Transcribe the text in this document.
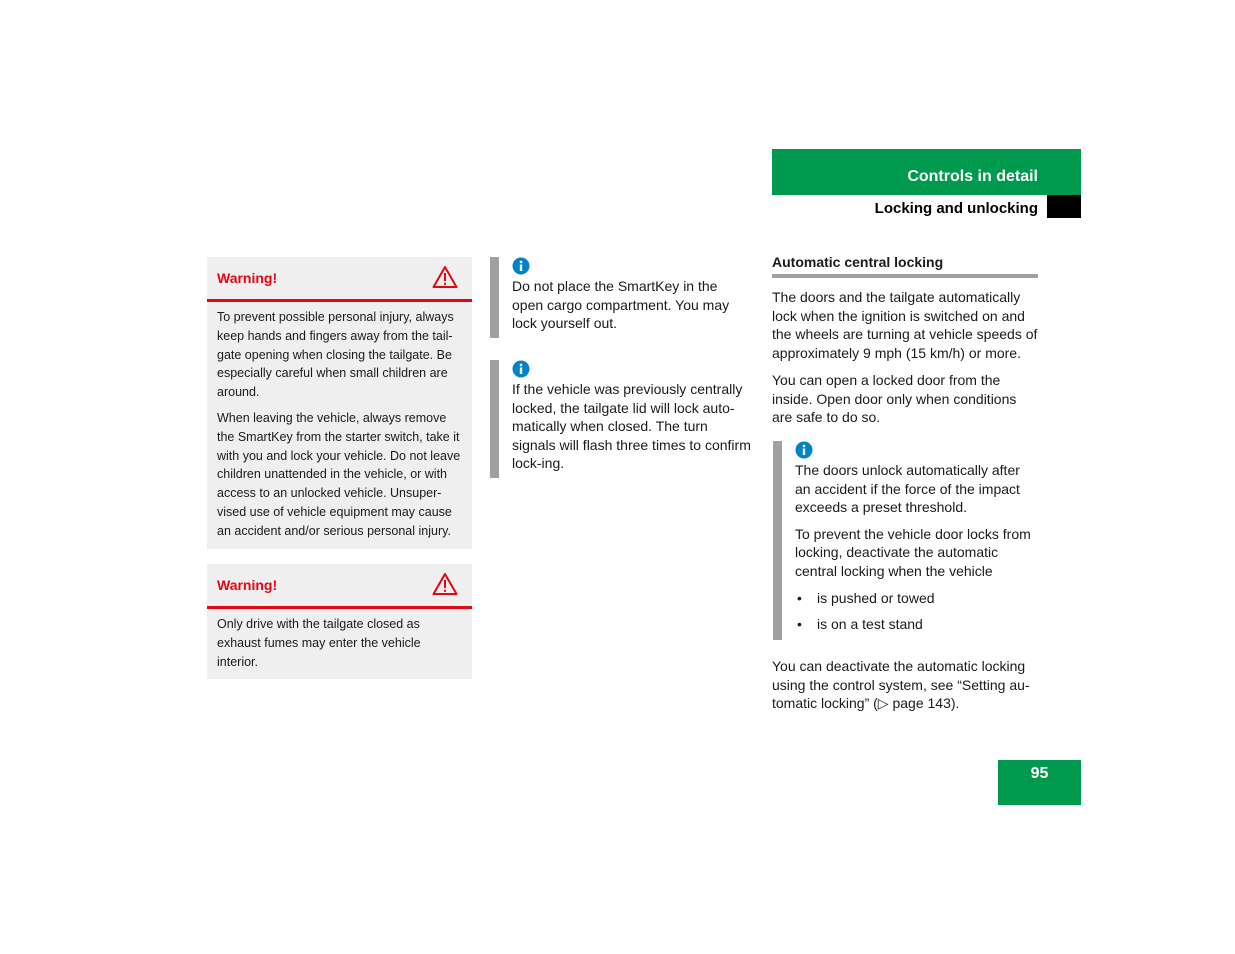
Controls in detail
Locking and unlocking
Warning!

To prevent possible personal injury, always keep hands and fingers away from the tail-gate opening when closing the tailgate. Be especially careful when small children are around.

When leaving the vehicle, always remove the SmartKey from the starter switch, take it with you and lock your vehicle. Do not leave children unattended in the vehicle, or with access to an unlocked vehicle. Unsuper-vised use of vehicle equipment may cause an accident and/or serious personal injury.

Warning!

Only drive with the tailgate closed as exhaust fumes may enter the vehicle interior.

Do not place the SmartKey in the open cargo compartment. You may lock yourself out.

If the vehicle was previously centrally locked, the tailgate lid will lock auto-matically when closed. The turn signals will flash three times to confirm lock-ing.

Automatic central locking

The doors and the tailgate automatically lock when the ignition is switched on and the wheels are turning at vehicle speeds of approximately 9 mph (15 km/h) or more.

You can open a locked door from the inside. Open door only when conditions are safe to do so.

The doors unlock automatically after an accident if the force of the impact exceeds a preset threshold.

To prevent the vehicle door locks from locking, deactivate the automatic central locking when the vehicle

• is pushed or towed
• is on a test stand

You can deactivate the automatic locking using the control system, see “Setting au-tomatic locking” (▷ page 143).

95
